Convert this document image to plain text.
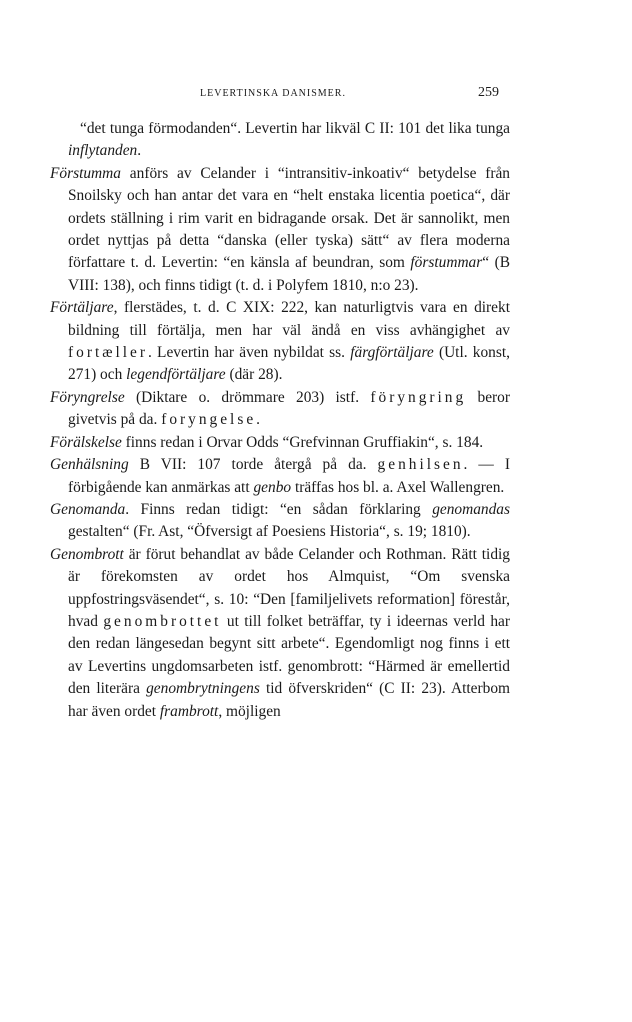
LEVERTINSKA DANISMER.	259

“det tunga förmodanden“. Levertin har likväl C II: 101 det lika tunga inflytanden.

Förstumma anförs av Celander i “intransitiv-inkoativ“ betydelse från Snoilsky och han antar det vara en “helt enstaka licentia poetica“, där ordets ställning i rim varit en bidragande orsak. Det är sannolikt, men ordet nyttjas på detta “danska (eller tyska) sätt“ av flera moderna författare t. d. Levertin: “en känsla af beundran, som förstummar“ (B VIII: 138), och finns tidigt (t. d. i Polyfem 1810, n:o 23).

Förtäljare, flerstädes, t. d. C XIX: 222, kan naturligtvis vara en direkt bildning till förtälja, men har väl ändå en viss avhängighet av fortæller. Levertin har även nybildat ss. färgförtäljare (Utl. konst, 271) och legendförtäljare (där 28).

Föryngrelse (Diktare o. drömmare 203) istf. föryngring beror givetvis på da. foryngelse.

Förälskelse finns redan i Orvar Odds “Grefvinnan Gruffiakin“, s. 184.

Genhälsning B VII: 107 torde återgå på da. genhilsen. — I förbigående kan anmärkas att genbo träffas hos bl. a. Axel Wallengren.

Genomanda. Finns redan tidigt: “en sådan förklaring genomandas gestalten“ (Fr. Ast, “Öfversigt af Poesiens Historia“, s. 19; 1810).

Genombrott är förut behandlat av både Celander och Rothman. Rätt tidig är förekomsten av ordet hos Almquist, “Om svenska uppfostringsväsendet“, s. 10: “Den [familjelivets reformation] förestår, hvad genombrottet ut till folket beträffar, ty i ideernas verld har den redan längesedan begynt sitt arbete“. Egendomligt nog finns i ett av Levertins ungdomsarbeten istf. genombrott: “Härmed är emellertid den literära genombrytningens tid öfverskriden“ (C II: 23). Atterbom har även ordet frambrott, möjligen
